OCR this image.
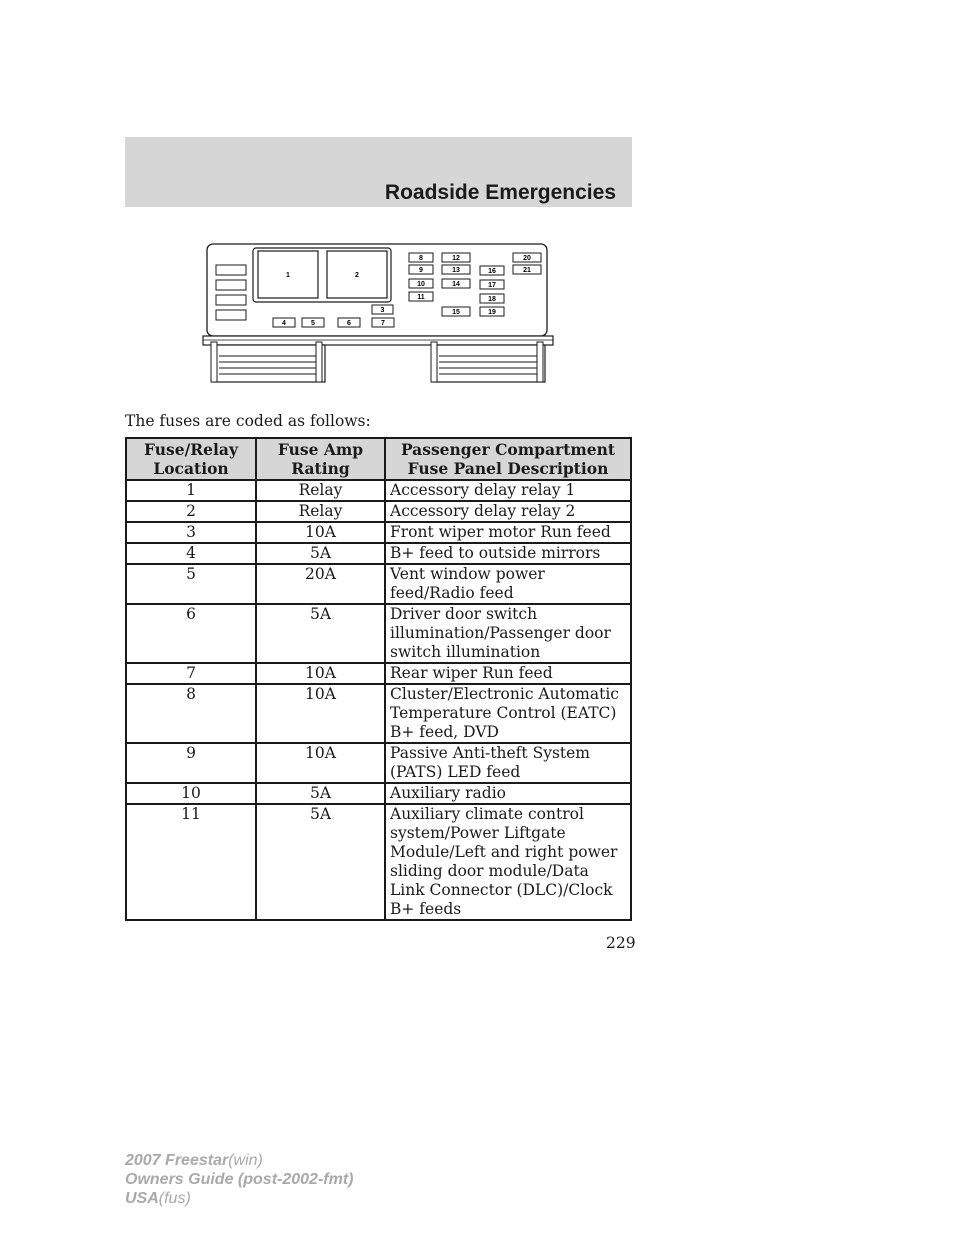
Roadside Emergencies
1	2
3
4	5	6	7
8
9
10
11
12
13
14
15
16
17
18
19
20
21
The fuses are coded as follows:
Fuse/Relay Location	Fuse Amp Rating	Passenger Compartment Fuse Panel Description
1	Relay	Accessory delay relay 1
2	Relay	Accessory delay relay 2
3	10A	Front wiper motor Run feed
4	5A	B+ feed to outside mirrors
5	20A	Vent window power feed/Radio feed
6	5A	Driver door switch illumination/Passenger door switch illumination
7	10A	Rear wiper Run feed
8	10A	Cluster/Electronic Automatic Temperature Control (EATC) B+ feed, DVD
9	10A	Passive Anti-theft System (PATS) LED feed
10	5A	Auxiliary radio
11	5A	Auxiliary climate control system/Power Liftgate Module/Left and right power sliding door module/Data Link Connector (DLC)/Clock B+ feeds
229
2007 Freestar(win)
Owners Guide (post-2002-fmt)
USA(fus)
